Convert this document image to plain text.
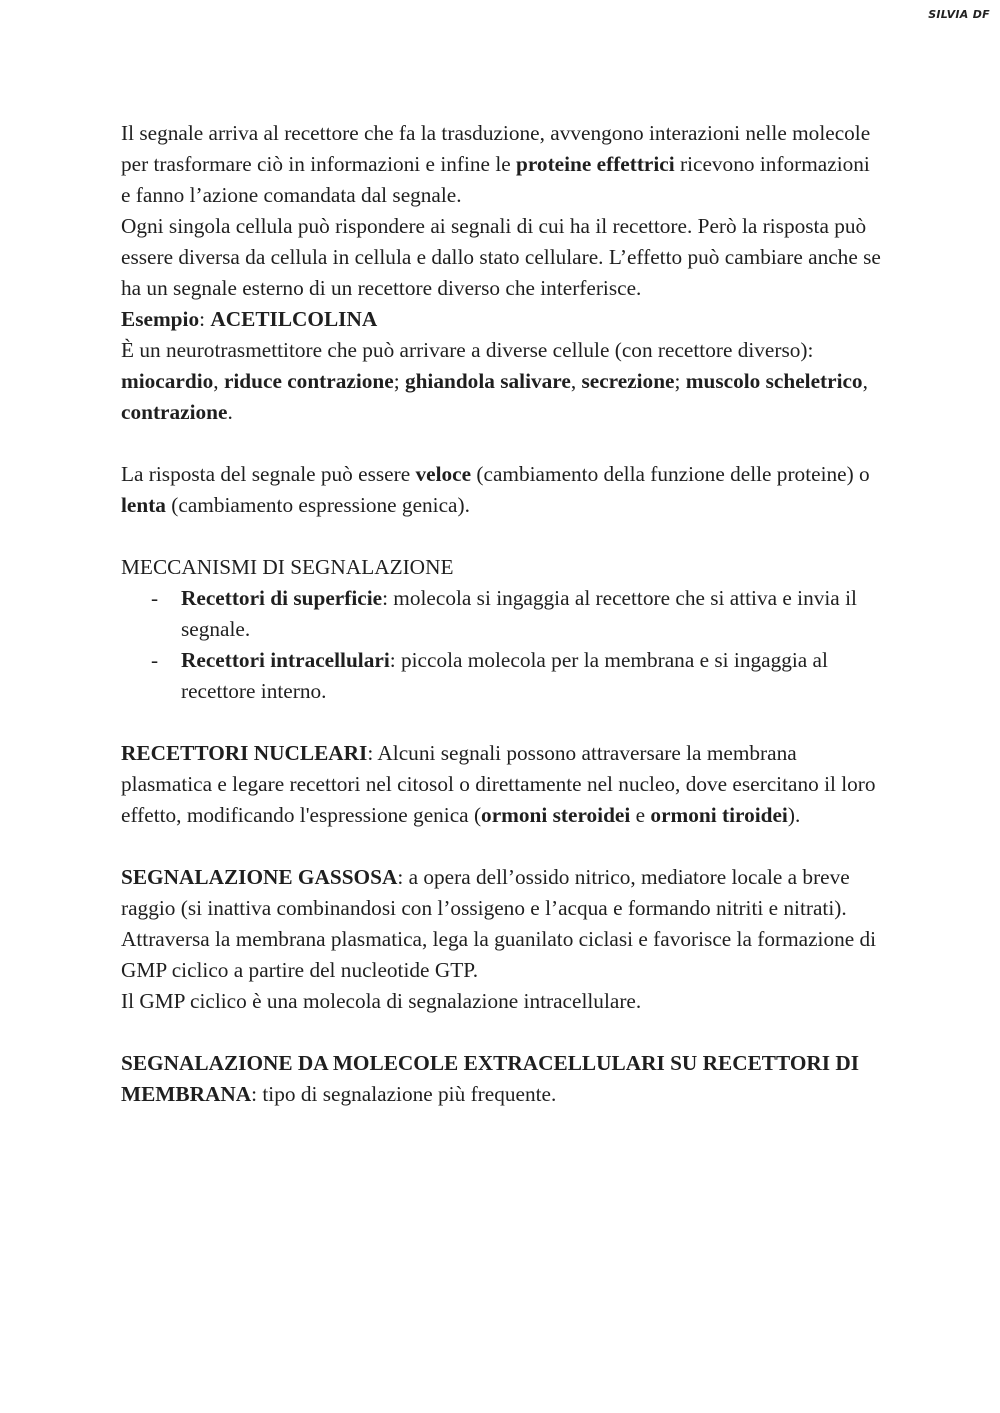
SILVIA DF

Il segnale arriva al recettore che fa la trasduzione, avvengono interazioni nelle molecole per trasformare ciò in informazioni e infine le proteine effettrici ricevono informazioni e fanno l’azione comandata dal segnale.

Ogni singola cellula può rispondere ai segnali di cui ha il recettore. Però la risposta può essere diversa da cellula in cellula e dallo stato cellulare. L’effetto può cambiare anche se ha un segnale esterno di un recettore diverso che interferisce.

Esempio: ACETILCOLINA

È un neurotrasmettitore che può arrivare a diverse cellule (con recettore diverso): miocardio, riduce contrazione; ghiandola salivare, secrezione; muscolo scheletrico, contrazione.

La risposta del segnale può essere veloce (cambiamento della funzione delle proteine) o lenta (cambiamento espressione genica).

MECCANISMI DI SEGNALAZIONE

- Recettori di superficie: molecola si ingaggia al recettore che si attiva e invia il segnale.
- Recettori intracellulari: piccola molecola per la membrana e si ingaggia al recettore interno.

RECETTORI NUCLEARI: Alcuni segnali possono attraversare la membrana plasmatica e legare recettori nel citosol o direttamente nel nucleo, dove esercitano il loro effetto, modificando l'espressione genica (ormoni steroidei e ormoni tiroidei).

SEGNALAZIONE GASSOSA: a opera dell’ossido nitrico, mediatore locale a breve raggio (si inattiva combinandosi con l’ossigeno e l’acqua e formando nitriti e nitrati). Attraversa la membrana plasmatica, lega la guanilato ciclasi e favorisce la formazione di GMP ciclico a partire del nucleotide GTP.

Il GMP ciclico è una molecola di segnalazione intracellulare.

SEGNALAZIONE DA MOLECOLE EXTRACELLULARI SU RECETTORI DI MEMBRANA: tipo di segnalazione più frequente.
